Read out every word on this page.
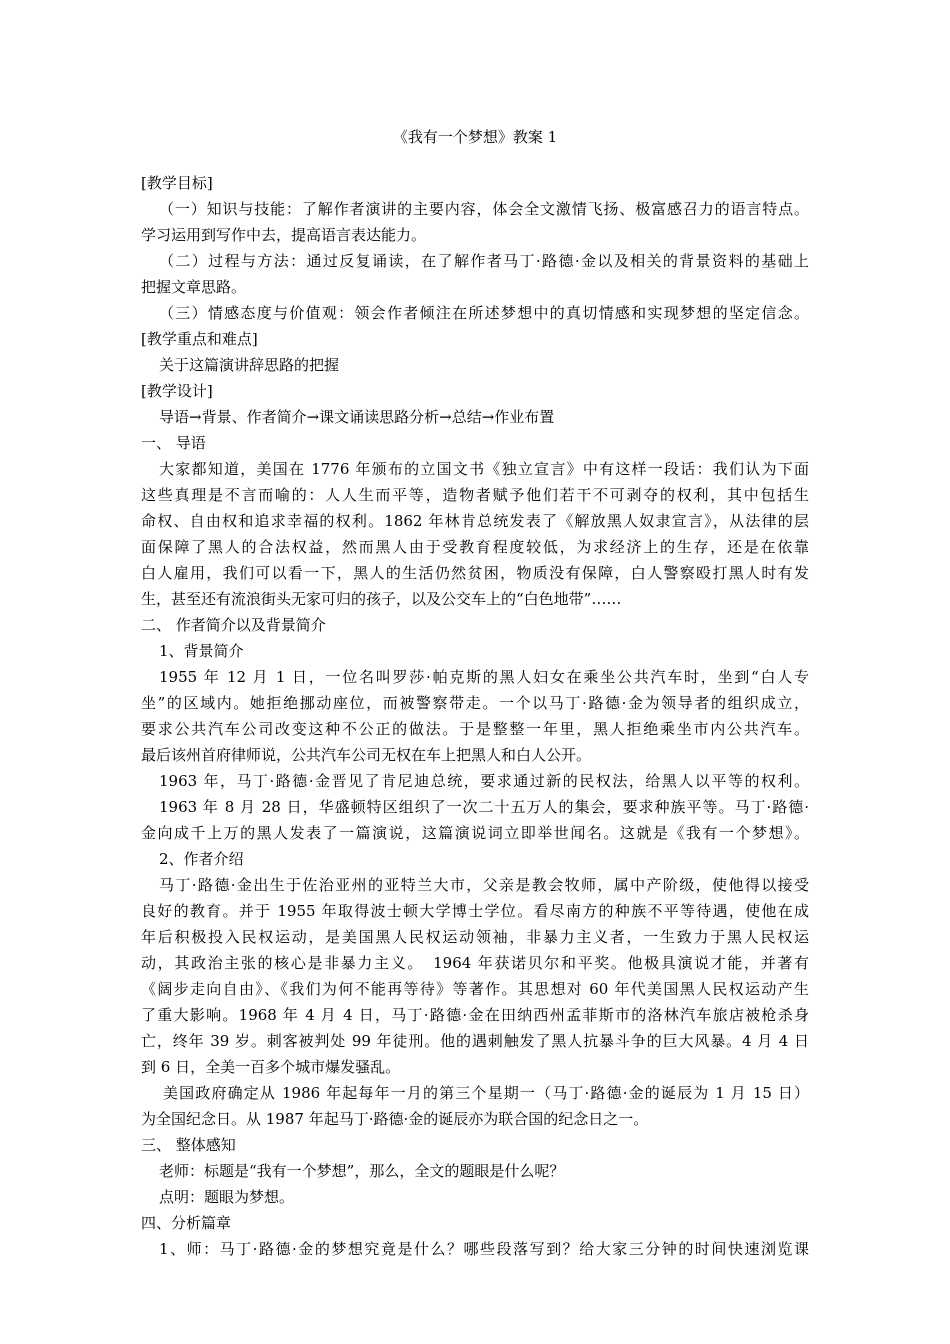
《我有一个梦想》教案 1
[教学目标]
（一）知识与技能：了解作者演讲的主要内容，体会全文激情飞扬、极富感召力的语言特点。
学习运用到写作中去，提高语言表达能力。
（二）过程与方法：通过反复诵读，在了解作者马丁·路德·金以及相关的背景资料的基础上
把握文章思路。
（三）情感态度与价值观：领会作者倾注在所述梦想中的真切情感和实现梦想的坚定信念。
[教学重点和难点]
关于这篇演讲辞思路的把握
[教学设计]
导语→背景、作者简介→课文诵读思路分析→总结→作业布置
一、 导语
大家都知道，美国在 1776 年颁布的立国文书《独立宣言》中有这样一段话：我们认为下面
这些真理是不言而喻的：人人生而平等，造物者赋予他们若干不可剥夺的权利，其中包括生
命权、自由权和追求幸福的权利。1862 年林肯总统发表了《解放黑人奴隶宣言》，从法律的层
面保障了黑人的合法权益，然而黑人由于受教育程度较低，为求经济上的生存，还是在依靠
白人雇用，我们可以看一下，黑人的生活仍然贫困，物质没有保障，白人警察殴打黑人时有发
生，甚至还有流浪街头无家可归的孩子，以及公交车上的“白色地带”……
二、 作者简介以及背景简介
1、背景简介
1955 年 12 月 1 日，一位名叫罗莎·帕克斯的黑人妇女在乘坐公共汽车时，坐到“白人专
坐”的区域内。她拒绝挪动座位，而被警察带走。一个以马丁·路德·金为领导者的组织成立，
要求公共汽车公司改变这种不公正的做法。于是整整一年里，黑人拒绝乘坐市内公共汽车。
最后该州首府律师说，公共汽车公司无权在车上把黑人和白人公开。
1963 年，马丁·路德·金晋见了肯尼迪总统，要求通过新的民权法，给黑人以平等的权利。
1963 年 8 月 28 日，华盛顿特区组织了一次二十五万人的集会，要求种族平等。马丁·路德·
金向成千上万的黑人发表了一篇演说，这篇演说词立即举世闻名。这就是《我有一个梦想》。
2、作者介绍
马丁·路德·金出生于佐治亚州的亚特兰大市，父亲是教会牧师，属中产阶级，使他得以接受
良好的教育。并于 1955 年取得波士顿大学博士学位。看尽南方的种族不平等待遇，使他在成
年后积极投入民权运动，是美国黑人民权运动领袖，非暴力主义者，一生致力于黑人民权运
动，其政治主张的核心是非暴力主义。　1964 年获诺贝尔和平奖。他极具演说才能，并著有
《阔步走向自由》、《我们为何不能再等待》等著作。其思想对 60 年代美国黑人民权运动产生
了重大影响。1968 年 4 月 4 日，马丁·路德·金在田纳西州孟菲斯市的洛林汽车旅店被枪杀身
亡，终年 39 岁。刺客被判处 99 年徒刑。他的遇刺触发了黑人抗暴斗争的巨大风暴。4 月 4 日
到 6 日，全美一百多个城市爆发骚乱。
美国政府确定从 1986 年起每年一月的第三个星期一（马丁·路德·金的诞辰为 1 月 15 日）
为全国纪念日。从 1987 年起马丁·路德·金的诞辰亦为联合国的纪念日之一。
三、 整体感知
老师：标题是“我有一个梦想”，那么，全文的题眼是什么呢？
点明：题眼为梦想。
四、分析篇章
1、师：马丁·路德·金的梦想究竟是什么？哪些段落写到？给大家三分钟的时间快速浏览课
